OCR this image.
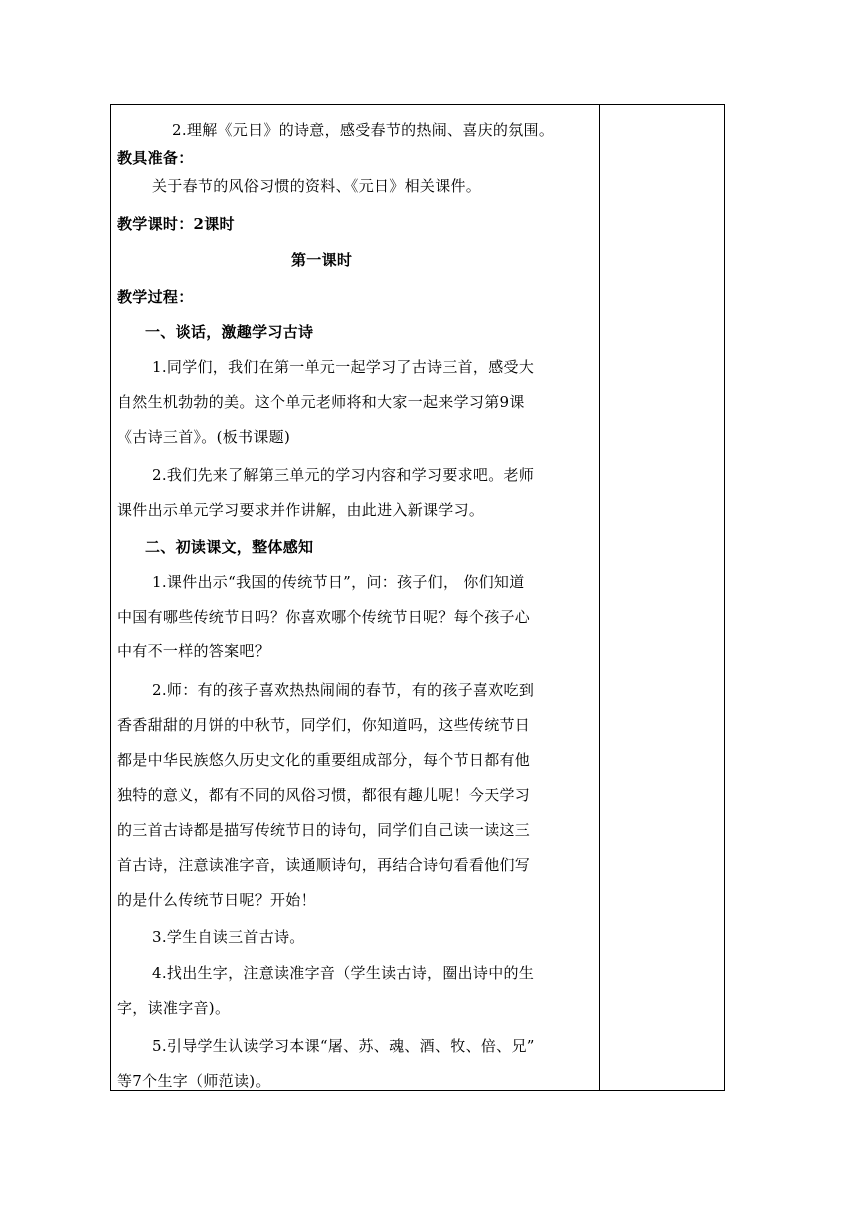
2.理解《元日》的诗意，感受春节的热闹、喜庆的氛围。
教具准备：
关于春节的风俗习惯的资料、《元日》相关课件。
教学课时：2课时
第一课时
教学过程：
一、谈话，激趣学习古诗
1.同学们，我们在第一单元一起学习了古诗三首，感受大
自然生机勃勃的美。这个单元老师将和大家一起来学习第9课
《古诗三首》。(板书课题)
2.我们先来了解第三单元的学习内容和学习要求吧。老师
课件出示单元学习要求并作讲解，由此进入新课学习。
二、初读课文，整体感知
1.课件出示“我国的传统节日”，问：孩子们， 你们知道
中国有哪些传统节日吗？你喜欢哪个传统节日呢？每个孩子心
中有不一样的答案吧？
2.师：有的孩子喜欢热热闹闹的春节，有的孩子喜欢吃到
香香甜甜的月饼的中秋节，同学们，你知道吗，这些传统节日
都是中华民族悠久历史文化的重要组成部分，每个节日都有他
独特的意义，都有不同的风俗习惯，都很有趣儿呢！今天学习
的三首古诗都是描写传统节日的诗句，同学们自己读一读这三
首古诗，注意读准字音，读通顺诗句，再结合诗句看看他们写
的是什么传统节日呢？开始！
3.学生自读三首古诗。
4.找出生字，注意读准字音（学生读古诗，圈出诗中的生
字，读准字音)。
5.引导学生认读学习本课“屠、苏、魂、酒、牧、倍、兄”
等7个生字（师范读)。
